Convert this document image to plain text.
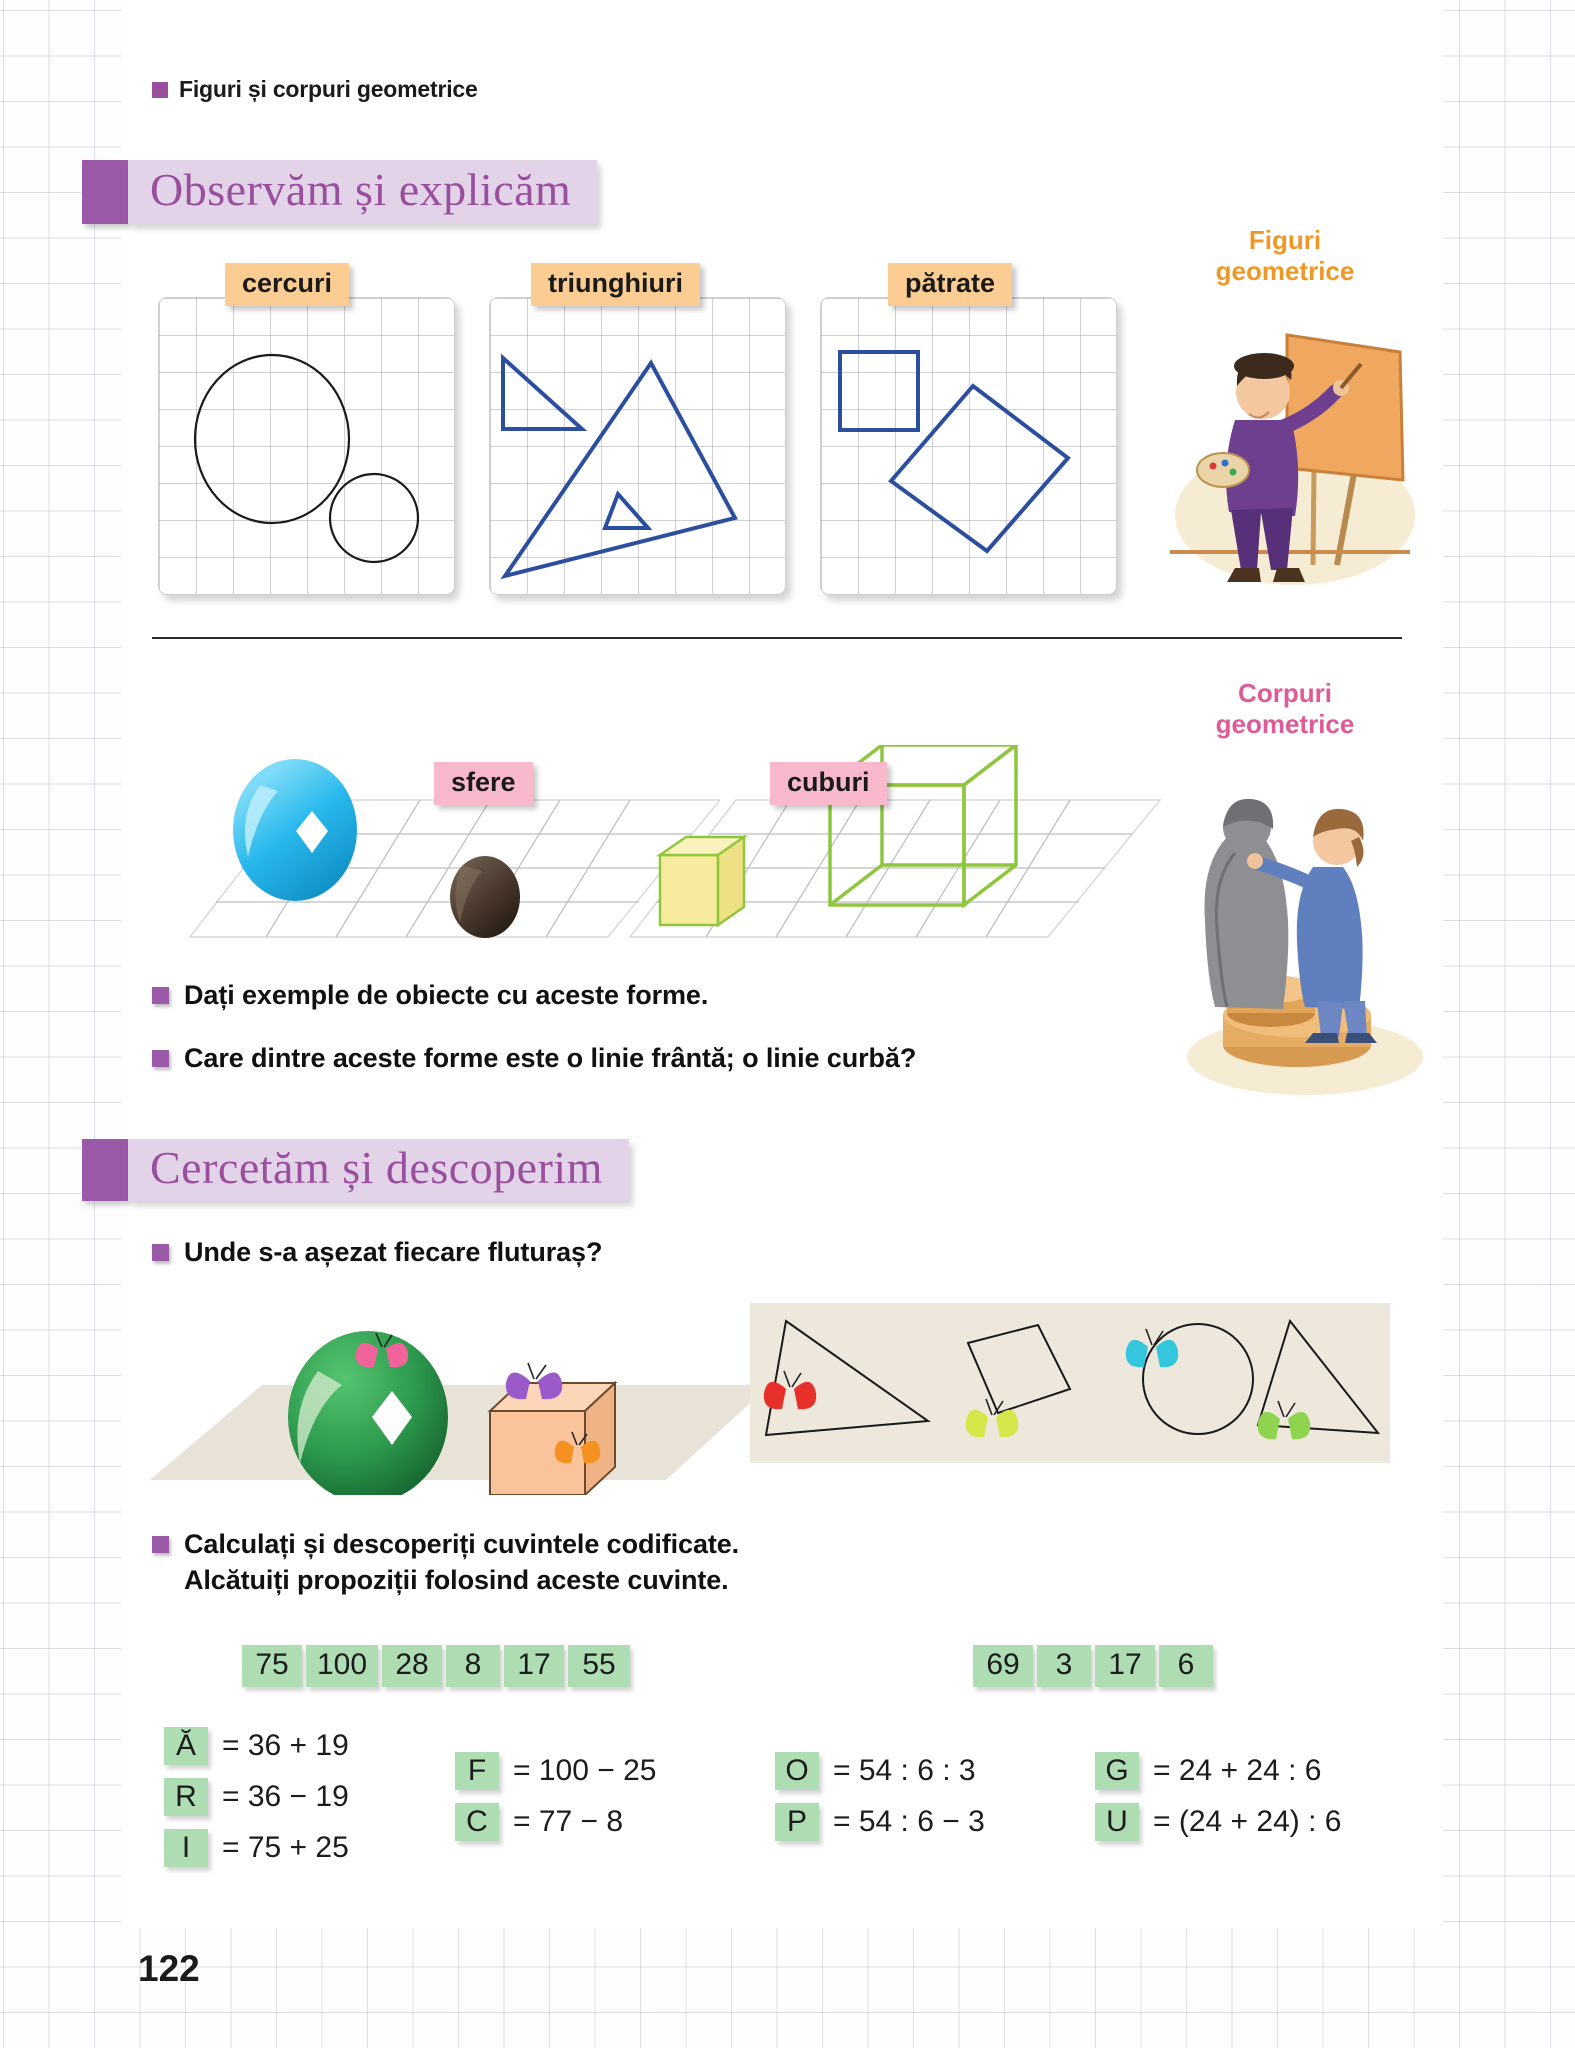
Figuri și corpuri geometrice
Observăm și explicăm
cercuri	triunghiuri	pătrate
Figuri
geometrice
Corpuri
geometrice
sfere	cuburi
Dați exemple de obiecte cu aceste forme.
Care dintre aceste forme este o linie frântă; o linie curbă?
Cercetăm și descoperim
Unde s-a așezat fiecare fluturaș?
Calculați și descoperiți cuvintele codificate.
Alcătuiți propoziții folosind aceste cuvinte.
75 100 28	8	17	55	69	3	17	6
Ă = 36 + 19
R = 36 − 19
I	= 75 + 25
F = 100 − 25
C = 77 − 8
O = 54 : 6 : 3
P = 54 : 6 − 3
G = 24 + 24 : 6
U = (24 + 24) : 6
122
